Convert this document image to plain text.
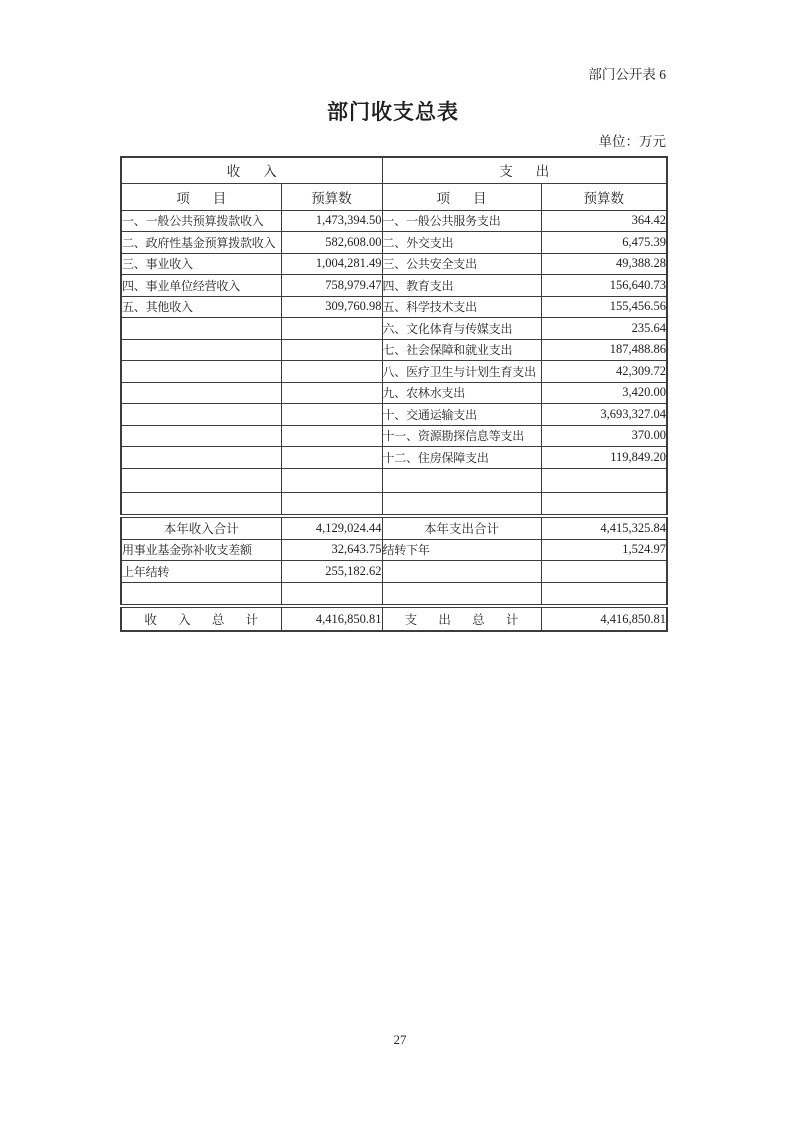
部门公开表 6
部门收支总表
单位：万元
收入		支出	
项目	预算数	项目	预算数
一、一般公共预算拨款收入	1,473,394.50	一、一般公共服务支出	364.42
二、政府性基金预算拨款收入	582,608.00	二、外交支出	6,475.39
三、事业收入	1,004,281.49	三、公共安全支出	49,388.28
四、事业单位经营收入	758,979.47	四、教育支出	156,640.73
五、其他收入	309,760.98	五、科学技术支出	155,456.56
		六、文化体育与传媒支出	235.64
		七、社会保障和就业支出	187,488.86
		八、医疗卫生与计划生育支出	42,309.72
		九、农林水支出	3,420.00
		十、交通运输支出	3,693,327.04
		十一、资源勘探信息等支出	370.00
		十二、住房保障支出	119,849.20

本年收入合计	4,129,024.44	本年支出合计	4,415,325.84
用事业基金弥补收支差额	32,643.75	结转下年	1,524.97
上年结转	255,182.62		

收入总计	4,416,850.81	支出总计	4,416,850.81
27
